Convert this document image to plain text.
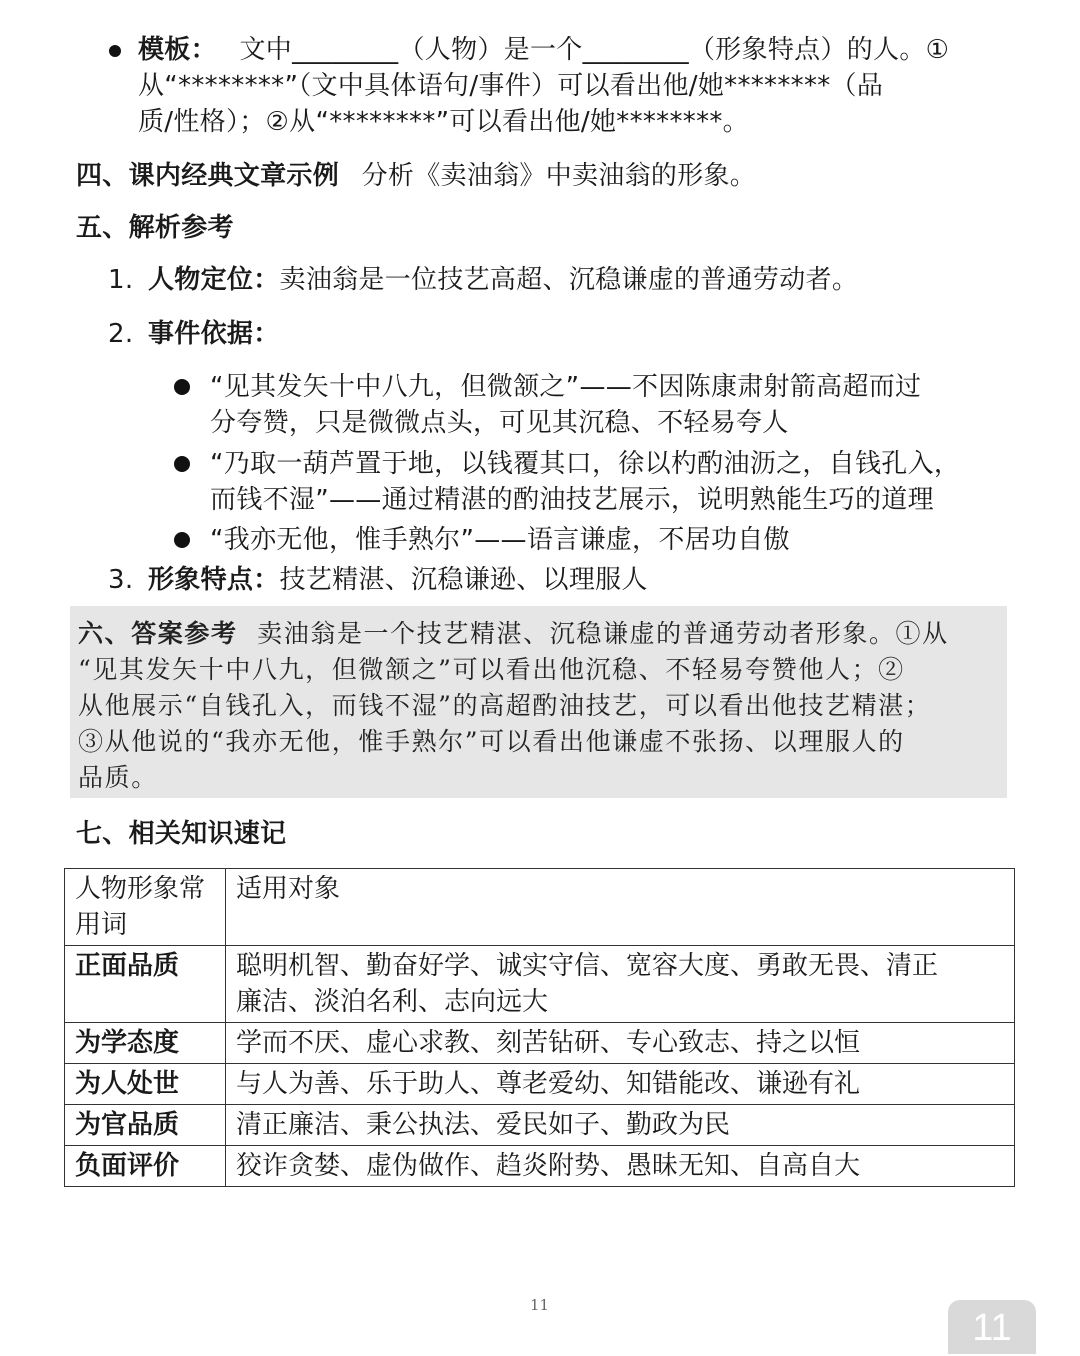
模板： 文中________（人物）是一个________（形象特点）的人。①
从“********”（文中具体语句/事件）可以看出他/她********（品
质/性格）；②从“********”可以看出他/她********。
四、课内经典文章示例 分析《卖油翁》中卖油翁的形象。
五、解析参考
1. 人物定位：卖油翁是一位技艺高超、沉稳谦虚的普通劳动者。
2. 事件依据：
“见其发矢十中八九，但微颔之”——不因陈康肃射箭高超而过
分夸赞，只是微微点头，可见其沉稳、不轻易夸人
“乃取一葫芦置于地，以钱覆其口，徐以杓酌油沥之，自钱孔入，
而钱不湿”——通过精湛的酌油技艺展示，说明熟能生巧的道理
“我亦无他，惟手熟尔”——语言谦虚，不居功自傲
3. 形象特点：技艺精湛、沉稳谦逊、以理服人
六、答案参考 卖油翁是一个技艺精湛、沉稳谦虚的普通劳动者形象。①从
“见其发矢十中八九，但微颔之”可以看出他沉稳、不轻易夸赞他人；②
从他展示“自钱孔入，而钱不湿”的高超酌油技艺，可以看出他技艺精湛；
③从他说的“我亦无他，惟手熟尔”可以看出他谦虚不张扬、以理服人的
品质。
七、相关知识速记
人物形象常
用词	适用对象

正面品质	聪明机智、勤奋好学、诚实守信、宽容大度、勇敢无畏、清正
廉洁、淡泊名利、志向远大

为学态度	学而不厌、虚心求教、刻苦钻研、专心致志、持之以恒
为人处世	与人为善、乐于助人、尊老爱幼、知错能改、谦逊有礼
为官品质	清正廉洁、秉公执法、爱民如子、勤政为民
负面评价	狡诈贪婪、虚伪做作、趋炎附势、愚昧无知、自高自大
11
11
